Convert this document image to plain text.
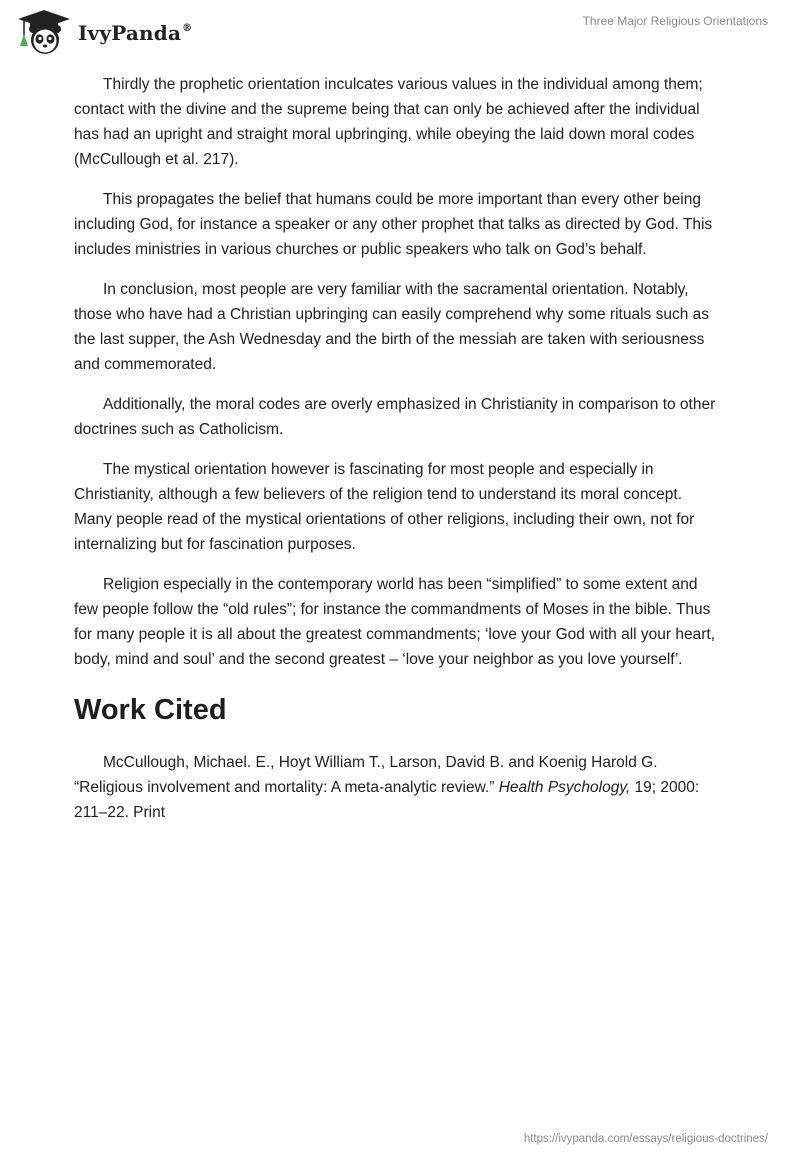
IvyPanda®
Three Major Religious Orientations

Thirdly the prophetic orientation inculcates various values in the individual among them; contact with the divine and the supreme being that can only be achieved after the individual has had an upright and straight moral upbringing, while obeying the laid down moral codes (McCullough et al. 217).

This propagates the belief that humans could be more important than every other being including God, for instance a speaker or any other prophet that talks as directed by God. This includes ministries in various churches or public speakers who talk on God’s behalf.

In conclusion, most people are very familiar with the sacramental orientation. Notably, those who have had a Christian upbringing can easily comprehend why some rituals such as the last supper, the Ash Wednesday and the birth of the messiah are taken with seriousness and commemorated.

Additionally, the moral codes are overly emphasized in Christianity in comparison to other doctrines such as Catholicism.

The mystical orientation however is fascinating for most people and especially in Christianity, although a few believers of the religion tend to understand its moral concept. Many people read of the mystical orientations of other religions, including their own, not for internalizing but for fascination purposes.

Religion especially in the contemporary world has been “simplified” to some extent and few people follow the “old rules”; for instance the commandments of Moses in the bible. Thus for many people it is all about the greatest commandments; ‘love your God with all your heart, body, mind and soul’ and the second greatest – ‘love your neighbor as you love yourself’.

Work Cited

McCullough, Michael. E., Hoyt William T., Larson, David B. and Koenig Harold G. “Religious involvement and mortality: A meta-analytic review.” Health Psychology, 19; 2000: 211–22. Print

https://ivypanda.com/essays/religious-doctrines/
